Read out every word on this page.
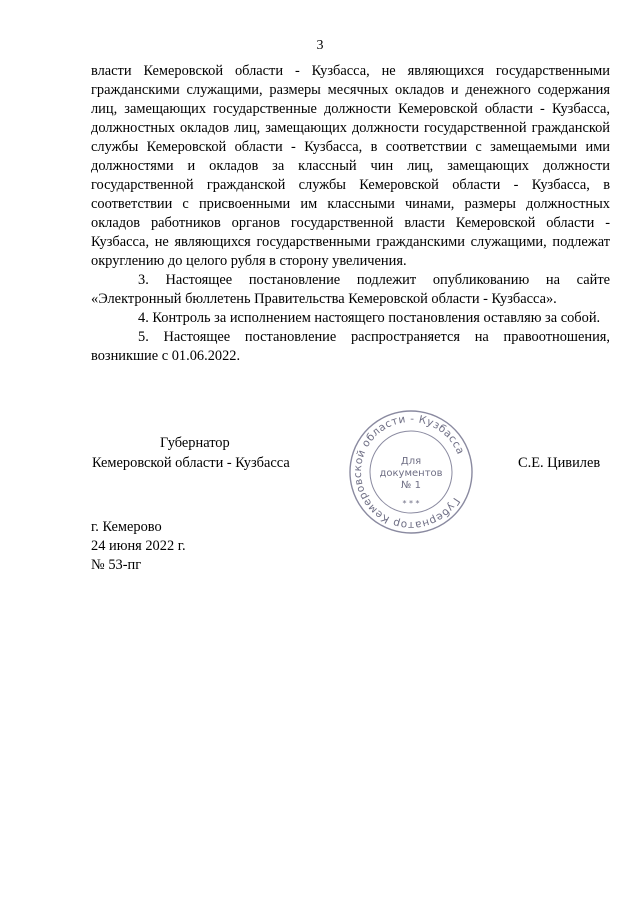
3

власти Кемеровской области - Кузбасса, не являющихся государственными гражданскими служащими, размеры месячных окладов и денежного содержания лиц, замещающих государственные должности Кемеровской области - Кузбасса, должностных окладов лиц, замещающих должности государственной гражданской службы Кемеровской области - Кузбасса, в соответствии с замещаемыми ими должностями и окладов за классный чин лиц, замещающих должности государственной гражданской службы Кемеровской области - Кузбасса, в соответствии с присвоенными им классными чинами, размеры должностных окладов работников органов государственной власти Кемеровской области - Кузбасса, не являющихся государственными гражданскими служащими, подлежат округлению до целого рубля в сторону увеличения.

3. Настоящее постановление подлежит опубликованию на сайте «Электронный бюллетень Правительства Кемеровской области - Кузбасса».

4. Контроль за исполнением настоящего постановления оставляю за собой.

5. Настоящее постановление распространяется на правоотношения, возникшие с 01.06.2022.

Губернатор
Кемеровской области - Кузбасса
Губернатор Кемеровской области - Кузбасса
Для
документов
№ 1
* * *
С.Е. Цивилев
г. Кемерово
24 июня 2022 г.
№ 53-пг
